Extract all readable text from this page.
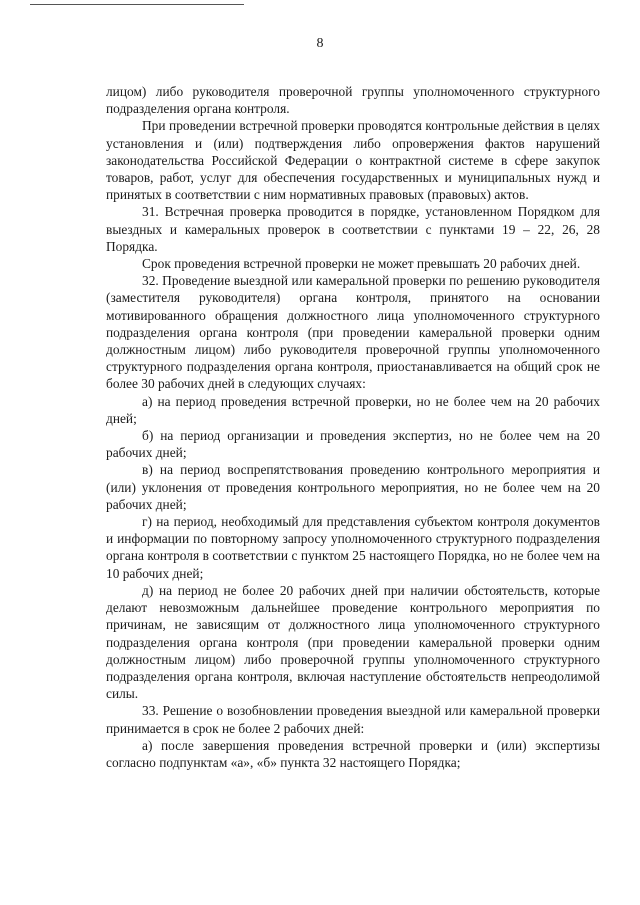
8

лицом) либо руководителя проверочной группы уполномоченного структурного подразделения органа контроля.

При проведении встречной проверки проводятся контрольные действия в целях установления и (или) подтверждения либо опровержения фактов нарушений законодательства Российской Федерации о контрактной системе в сфере закупок товаров, работ, услуг для обеспечения государственных и муниципальных нужд и принятых в соответствии с ним нормативных правовых (правовых) актов.

31. Встречная проверка проводится в порядке, установленном Порядком для выездных и камеральных проверок в соответствии с пунктами 19 – 22, 26, 28 Порядка.

Срок проведения встречной проверки не может превышать 20 рабочих дней.

32. Проведение выездной или камеральной проверки по решению руководителя (заместителя руководителя) органа контроля, принятого на основании мотивированного обращения должностного лица уполномоченного структурного подразделения органа контроля (при проведении камеральной проверки одним должностным лицом) либо руководителя проверочной группы уполномоченного структурного подразделения органа контроля, приостанавливается на общий срок не более 30 рабочих дней в следующих случаях:

а) на период проведения встречной проверки, но не более чем на 20 рабочих дней;

б) на период организации и проведения экспертиз, но не более чем на 20 рабочих дней;

в) на период воспрепятствования проведению контрольного мероприятия и (или) уклонения от проведения контрольного мероприятия, но не более чем на 20 рабочих дней;

г) на период, необходимый для представления субъектом контроля документов и информации по повторному запросу уполномоченного структурного подразделения органа контроля в соответствии с пунктом 25 настоящего Порядка, но не более чем на 10 рабочих дней;

д) на период не более 20 рабочих дней при наличии обстоятельств, которые делают невозможным дальнейшее проведение контрольного мероприятия по причинам, не зависящим от должностного лица уполномоченного структурного подразделения органа контроля (при проведении камеральной проверки одним должностным лицом) либо проверочной группы уполномоченного структурного подразделения органа контроля, включая наступление обстоятельств непреодолимой силы.

33. Решение о возобновлении проведения выездной или камеральной проверки принимается в срок не более 2 рабочих дней:

а) после завершения проведения встречной проверки и (или) экспертизы согласно подпунктам «а», «б» пункта 32 настоящего Порядка;
